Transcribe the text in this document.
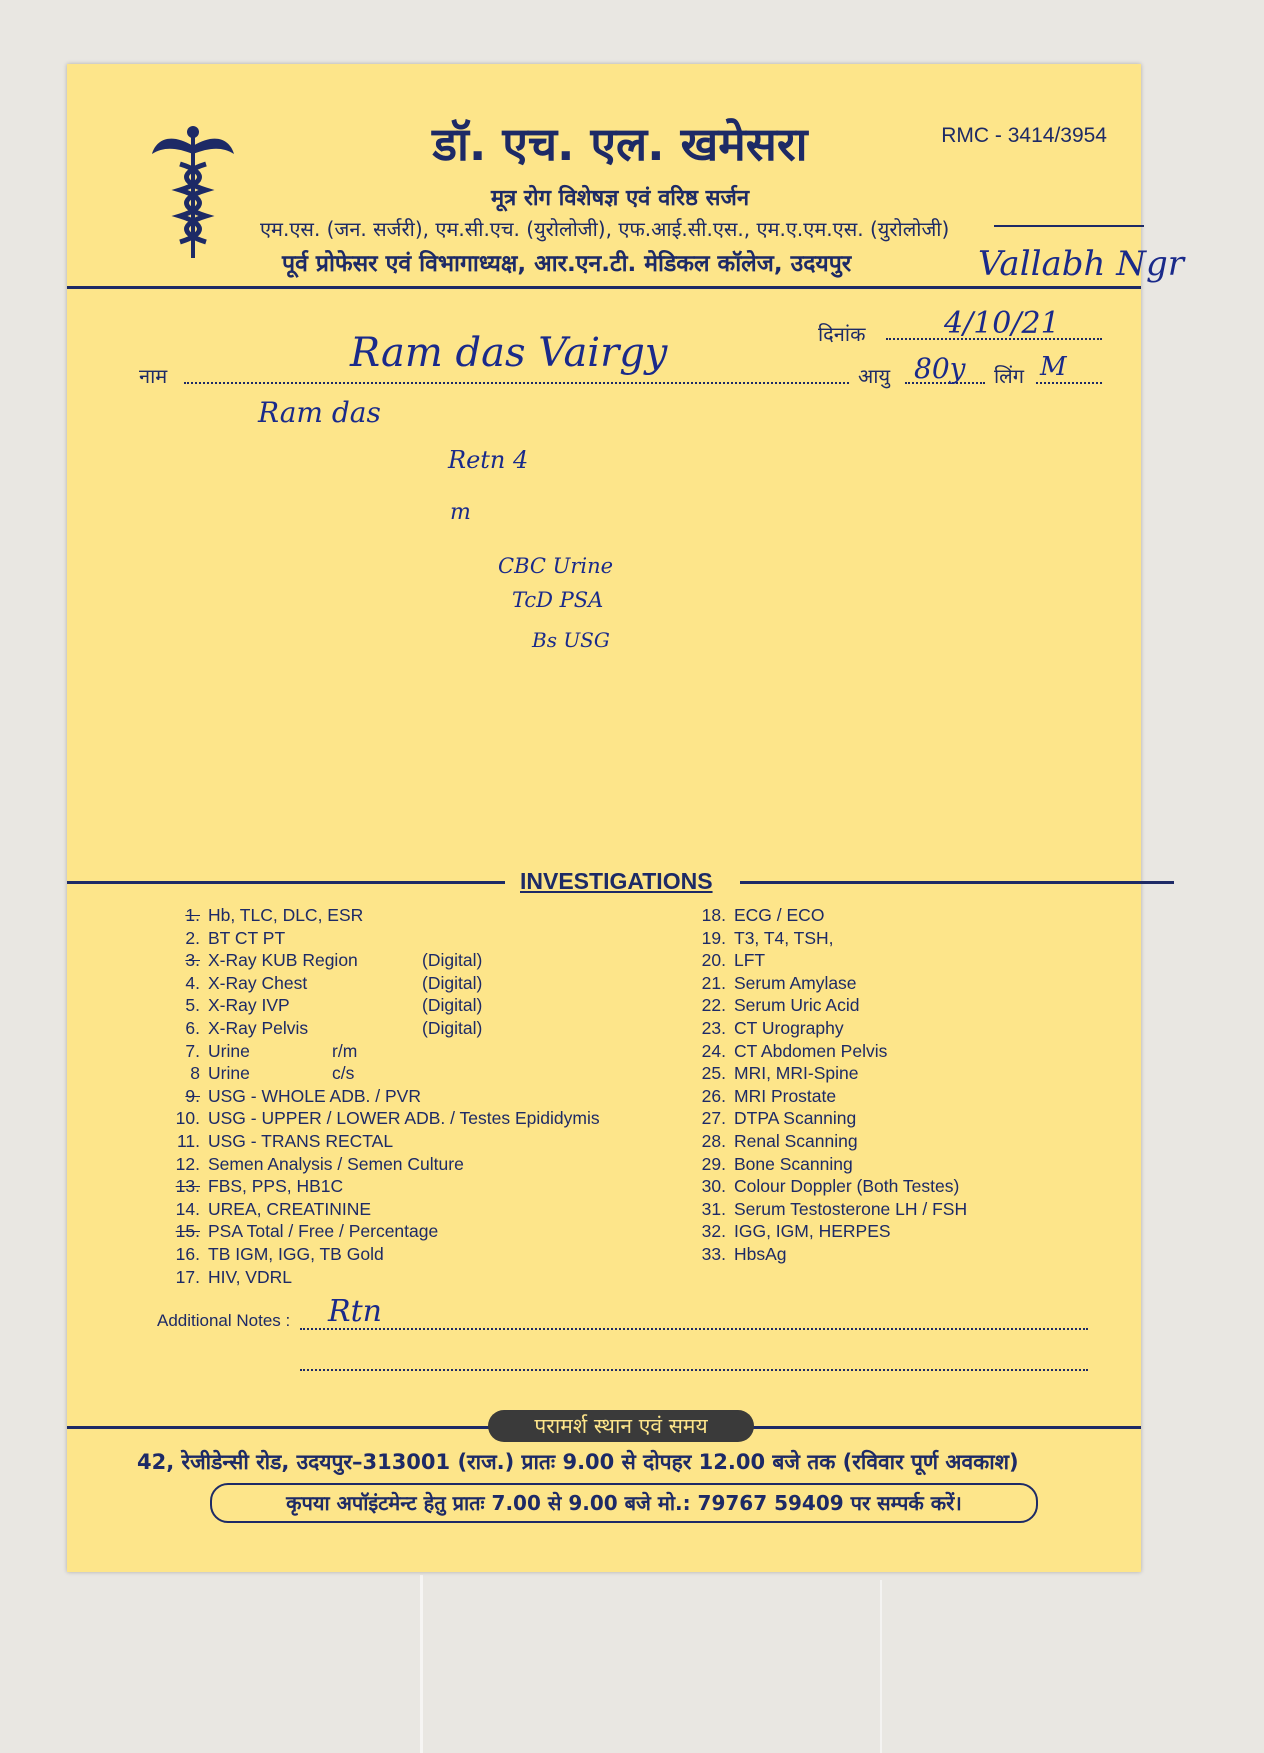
डॉ. एच. एल. खमेसरा	RMC - 3414/3954
मूत्र रोग विशेषज्ञ एवं वरिष्ठ सर्जन
एम.एस. (जन. सर्जरी), एम.सी.एच. (युरोलोजी), एफ.आई.सी.एस., एम.ए.एम.एस. (युरोलोजी)
पूर्व प्रोफेसर एवं विभागाध्यक्ष, आर.एन.टी. मेडिकल कॉलेज, उदयपुर	Vallabh Ngr
दिनांक	4/10/21
नाम	Ram das Vairgy	आयु 80y लिंग M
Ram das
Retn 4
m
CBC Urine
TcD PSA
Bs USG
INVESTIGATIONS
1. Hb, TLC, DLC, ESR
2. BT CT PT
3. X-Ray KUB Region	(Digital)
4. X-Ray Chest	(Digital)
5. X-Ray IVP	(Digital)
6. X-Ray Pelvis	(Digital)
7. Urine	r/m
8 Urine	c/s
9. USG - WHOLE ADB. / PVR
10. USG - UPPER / LOWER ADB. / Testes Epididymis
11. USG - TRANS RECTAL
12. Semen Analysis / Semen Culture
13. FBS, PPS, HB1C
14. UREA, CREATININE
15. PSA Total / Free / Percentage
16. TB IGM, IGG, TB Gold
17. HIV, VDRL
18. ECG / ECO
19. T3, T4, TSH,
20. LFT
21. Serum Amylase
22. Serum Uric Acid
23. CT Urography
24. CT Abdomen Pelvis
25. MRI, MRI-Spine
26. MRI Prostate
27. DTPA Scanning
28. Renal Scanning
29. Bone Scanning
30. Colour Doppler (Both Testes)
31. Serum Testosterone LH / FSH
32. IGG, IGM, HERPES
33. HbsAg
Additional Notes : Rtn
परामर्श स्थान एवं समय
42, रेजीडेन्सी रोड, उदयपुर–313001 (राज.) प्रातः 9.00 से दोपहर 12.00 बजे तक (रविवार पूर्ण अवकाश)
कृपया अपॉइंटमेन्ट हेतु प्रातः 7.00 से 9.00 बजे मो.: 79767 59409 पर सम्पर्क करें।
